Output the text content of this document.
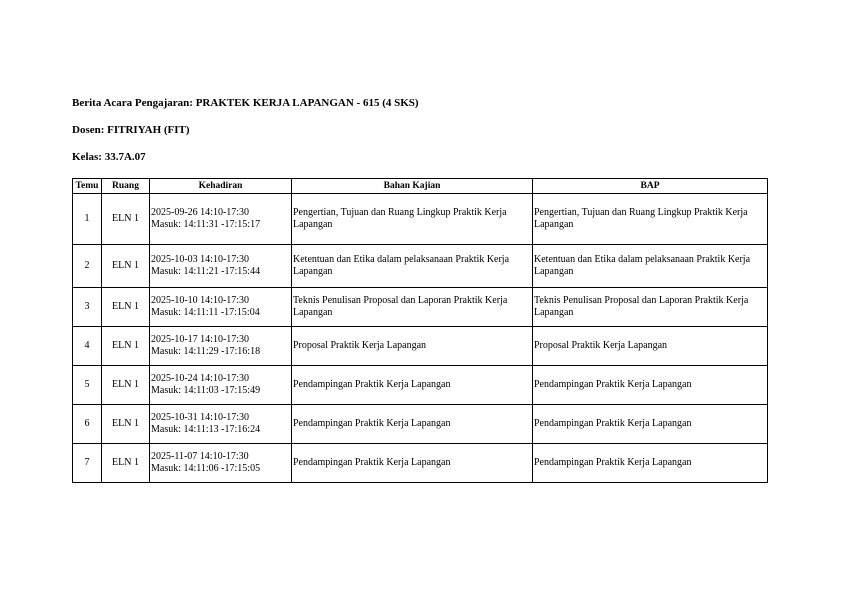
Berita Acara Pengajaran: PRAKTEK KERJA LAPANGAN - 615 (4 SKS)

Dosen: FITRIYAH (FIT)

Kelas: 33.7A.07

Temu	Ruang	Kehadiran	Bahan Kajian	BAP
1	ELN 1	2025-09-26 14:10-17:30
Masuk: 14:11:31 -17:15:17	Pengertian, Tujuan dan Ruang Lingkup Praktik Kerja Lapangan	Pengertian, Tujuan dan Ruang Lingkup Praktik Kerja Lapangan
2	ELN 1	2025-10-03 14:10-17:30
Masuk: 14:11:21 -17:15:44	Ketentuan dan Etika dalam pelaksanaan Praktik Kerja Lapangan	Ketentuan dan Etika dalam pelaksanaan Praktik Kerja Lapangan
3	ELN 1	2025-10-10 14:10-17:30
Masuk: 14:11:11 -17:15:04	Teknis Penulisan Proposal dan Laporan Praktik Kerja Lapangan	Teknis Penulisan Proposal dan Laporan Praktik Kerja Lapangan
4	ELN 1	2025-10-17 14:10-17:30
Masuk: 14:11:29 -17:16:18	Proposal Praktik Kerja Lapangan	Proposal Praktik Kerja Lapangan
5	ELN 1	2025-10-24 14:10-17:30
Masuk: 14:11:03 -17:15:49	Pendampingan Praktik Kerja Lapangan	Pendampingan Praktik Kerja Lapangan
6	ELN 1	2025-10-31 14:10-17:30
Masuk: 14:11:13 -17:16:24	Pendampingan Praktik Kerja Lapangan	Pendampingan Praktik Kerja Lapangan
7	ELN 1	2025-11-07 14:10-17:30
Masuk: 14:11:06 -17:15:05	Pendampingan Praktik Kerja Lapangan	Pendampingan Praktik Kerja Lapangan
